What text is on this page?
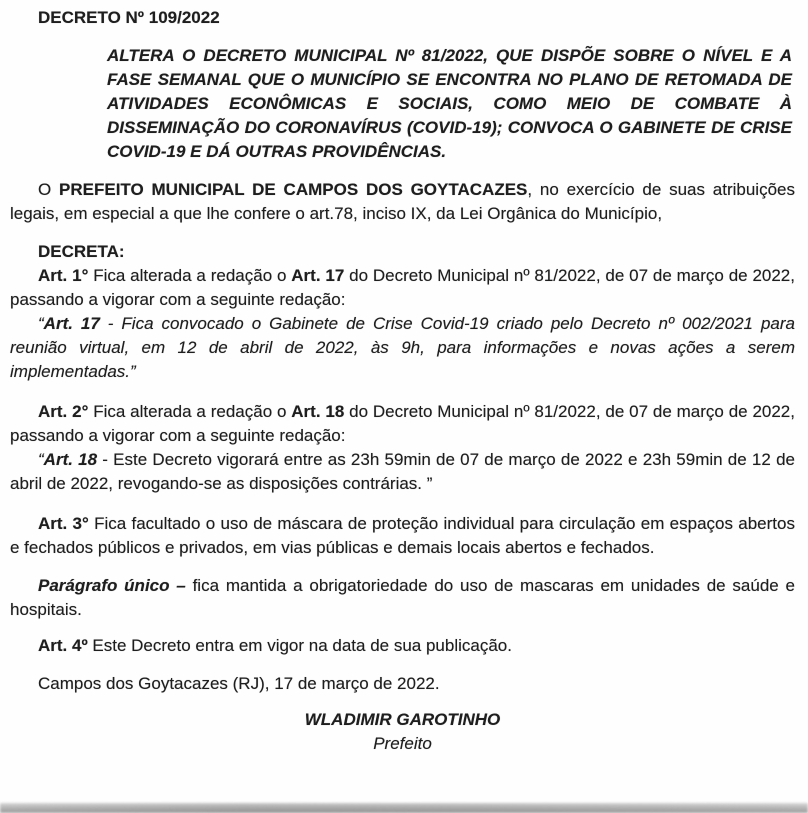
DECRETO Nº 109/2022

ALTERA O DECRETO MUNICIPAL Nº 81/2022, QUE DISPÕE SOBRE O NÍVEL E A FASE SEMANAL QUE O MUNICÍPIO SE ENCONTRA NO PLANO DE RETOMADA DE ATIVIDADES ECONÔMICAS E SOCIAIS, COMO MEIO DE COMBATE À DISSEMINAÇÃO DO CORONAVÍRUS (COVID-19); CONVOCA O GABINETE DE CRISE COVID-19 E DÁ OUTRAS PROVIDÊNCIAS.

O PREFEITO MUNICIPAL DE CAMPOS DOS GOYTACAZES, no exercício de suas atribuições legais, em especial a que lhe confere o art.78, inciso IX, da Lei Orgânica do Município,

DECRETA:

Art. 1° Fica alterada a redação o Art. 17 do Decreto Municipal nº 81/2022, de 07 de março de 2022, passando a vigorar com a seguinte redação:

“Art. 17 - Fica convocado o Gabinete de Crise Covid-19 criado pelo Decreto nº 002/2021 para reunião virtual, em 12 de abril de 2022, às 9h, para informações e novas ações a serem implementadas.”

Art. 2° Fica alterada a redação o Art. 18 do Decreto Municipal nº 81/2022, de 07 de março de 2022, passando a vigorar com a seguinte redação:

“Art. 18 - Este Decreto vigorará entre as 23h 59min de 07 de março de 2022 e 23h 59min de 12 de abril de 2022, revogando-se as disposições contrárias. ”

Art. 3° Fica facultado o uso de máscara de proteção individual para circulação em espaços abertos e fechados públicos e privados, em vias públicas e demais locais abertos e fechados.

Parágrafo único – fica mantida a obrigatoriedade do uso de mascaras em unidades de saúde e hospitais.

Art. 4º Este Decreto entra em vigor na data de sua publicação.

Campos dos Goytacazes (RJ), 17 de março de 2022.

WLADIMIR GAROTINHO

Prefeito
